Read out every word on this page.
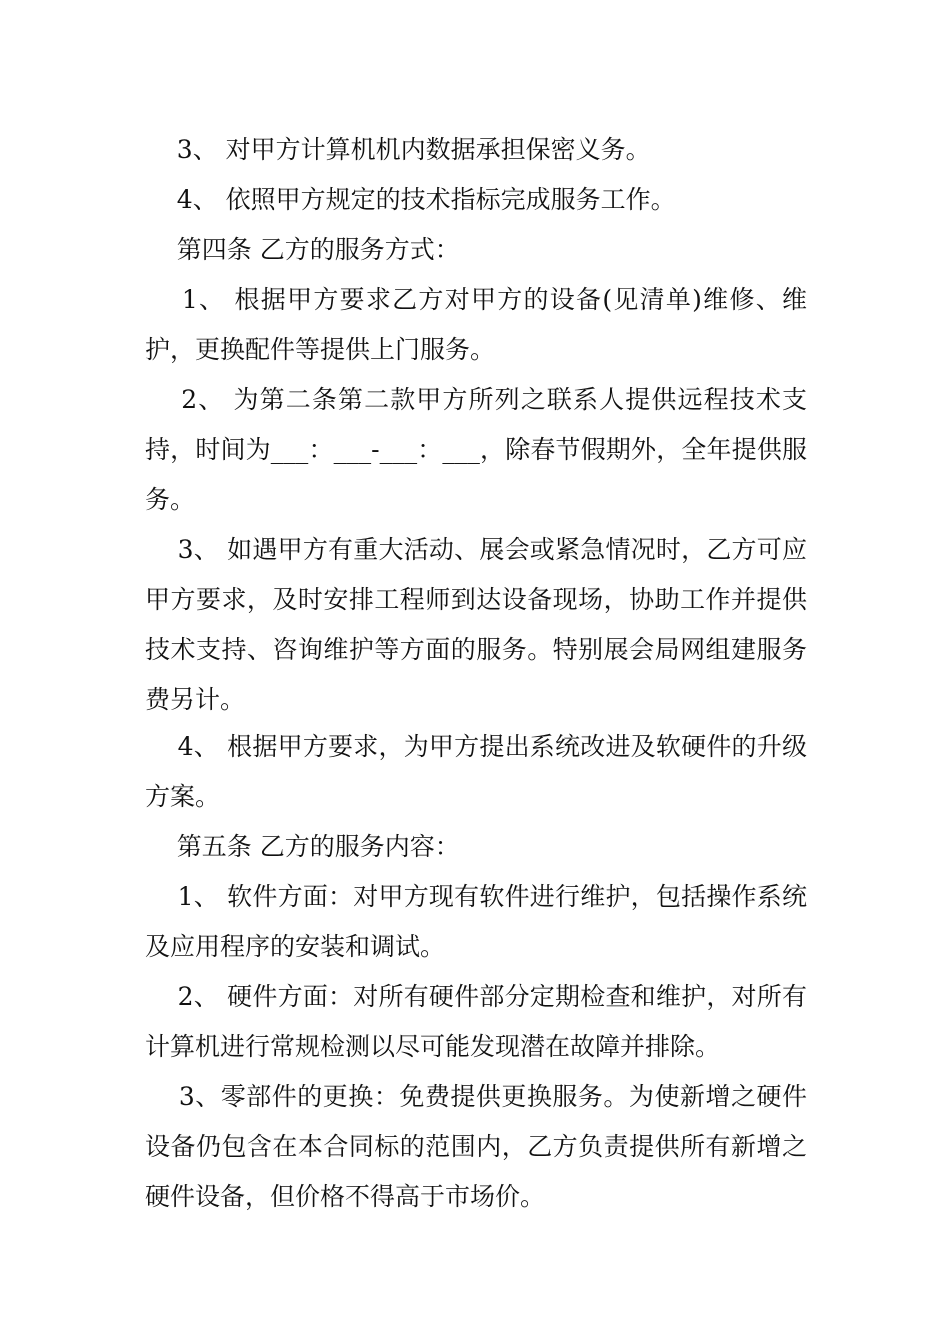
3、 对甲方计算机机内数据承担保密义务。

4、 依照甲方规定的技术指标完成服务工作。

第四条 乙方的服务方式：

1、 根据甲方要求乙方对甲方的设备(见清单)维修、维护，更换配件等提供上门服务。

2、 为第二条第二款甲方所列之联系人提供远程技术支持，时间为___：___-___：___，除春节假期外，全年提供服务。

3、 如遇甲方有重大活动、展会或紧急情况时，乙方可应甲方要求，及时安排工程师到达设备现场，协助工作并提供技术支持、咨询维护等方面的服务。特别展会局网组建服务费另计。

4、 根据甲方要求，为甲方提出系统改进及软硬件的升级方案。

第五条 乙方的服务内容：

1、 软件方面：对甲方现有软件进行维护，包括操作系统及应用程序的安装和调试。

2、 硬件方面：对所有硬件部分定期检查和维护，对所有计算机进行常规检测以尽可能发现潜在故障并排除。

3、零部件的更换：免费提供更换服务。为使新增之硬件设备仍包含在本合同标的范围内，乙方负责提供所有新增之硬件设备，但价格不得高于市场价。
